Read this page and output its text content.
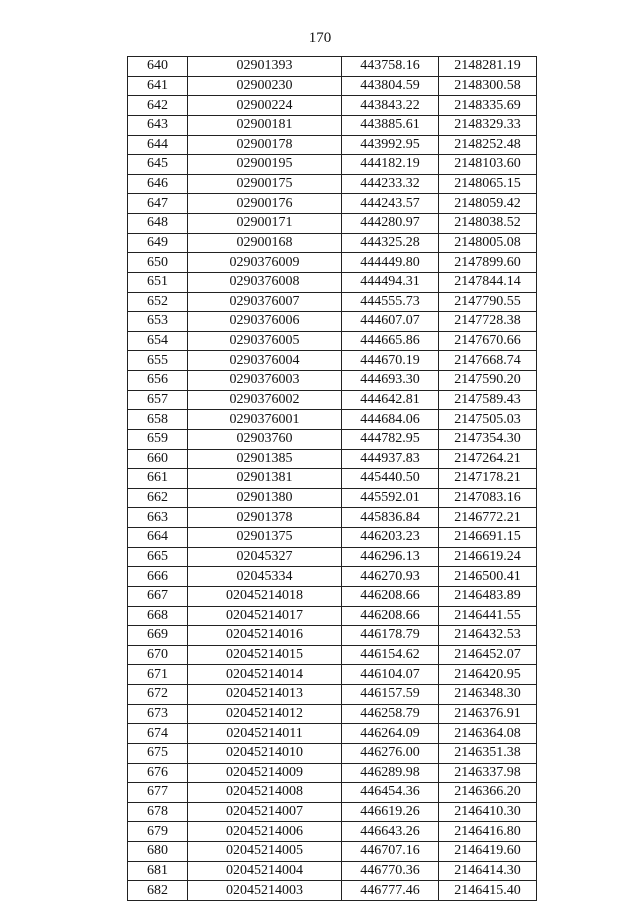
170
640	02901393	443758.16	2148281.19
641	02900230	443804.59	2148300.58
642	02900224	443843.22	2148335.69
643	02900181	443885.61	2148329.33
644	02900178	443992.95	2148252.48
645	02900195	444182.19	2148103.60
646	02900175	444233.32	2148065.15
647	02900176	444243.57	2148059.42
648	02900171	444280.97	2148038.52
649	02900168	444325.28	2148005.08
650	0290376009	444449.80	2147899.60
651	0290376008	444494.31	2147844.14
652	0290376007	444555.73	2147790.55
653	0290376006	444607.07	2147728.38
654	0290376005	444665.86	2147670.66
655	0290376004	444670.19	2147668.74
656	0290376003	444693.30	2147590.20
657	0290376002	444642.81	2147589.43
658	0290376001	444684.06	2147505.03
659	02903760	444782.95	2147354.30
660	02901385	444937.83	2147264.21
661	02901381	445440.50	2147178.21
662	02901380	445592.01	2147083.16
663	02901378	445836.84	2146772.21
664	02901375	446203.23	2146691.15
665	02045327	446296.13	2146619.24
666	02045334	446270.93	2146500.41
667	02045214018	446208.66	2146483.89
668	02045214017	446208.66	2146441.55
669	02045214016	446178.79	2146432.53
670	02045214015	446154.62	2146452.07
671	02045214014	446104.07	2146420.95
672	02045214013	446157.59	2146348.30
673	02045214012	446258.79	2146376.91
674	02045214011	446264.09	2146364.08
675	02045214010	446276.00	2146351.38
676	02045214009	446289.98	2146337.98
677	02045214008	446454.36	2146366.20
678	02045214007	446619.26	2146410.30
679	02045214006	446643.26	2146416.80
680	02045214005	446707.16	2146419.60
681	02045214004	446770.36	2146414.30
682	02045214003	446777.46	2146415.40
